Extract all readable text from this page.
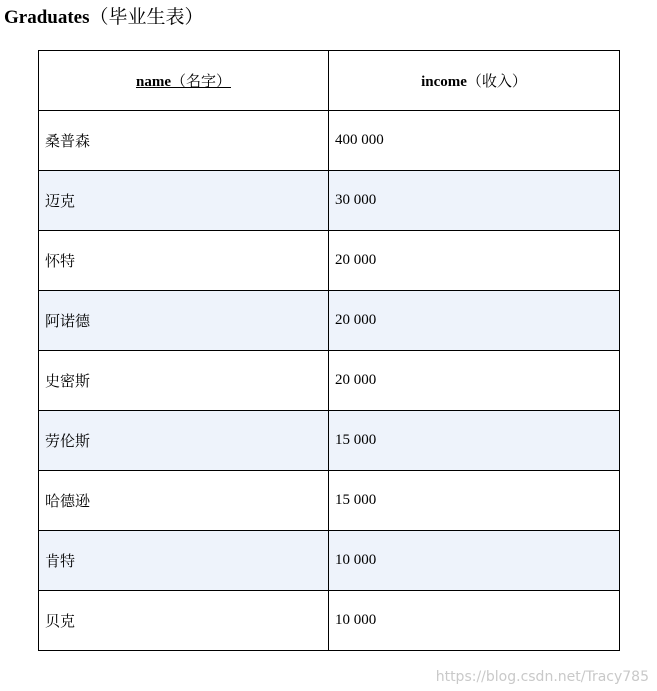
Graduates（毕业生表）
name（名字）	income（收入）
桑普森	400 000
迈克	30 000
怀特	20 000
阿诺德	20 000
史密斯	20 000
劳伦斯	15 000
哈德逊	15 000
肯特	10 000
贝克	10 000
https://blog.csdn.net/Tracy785
